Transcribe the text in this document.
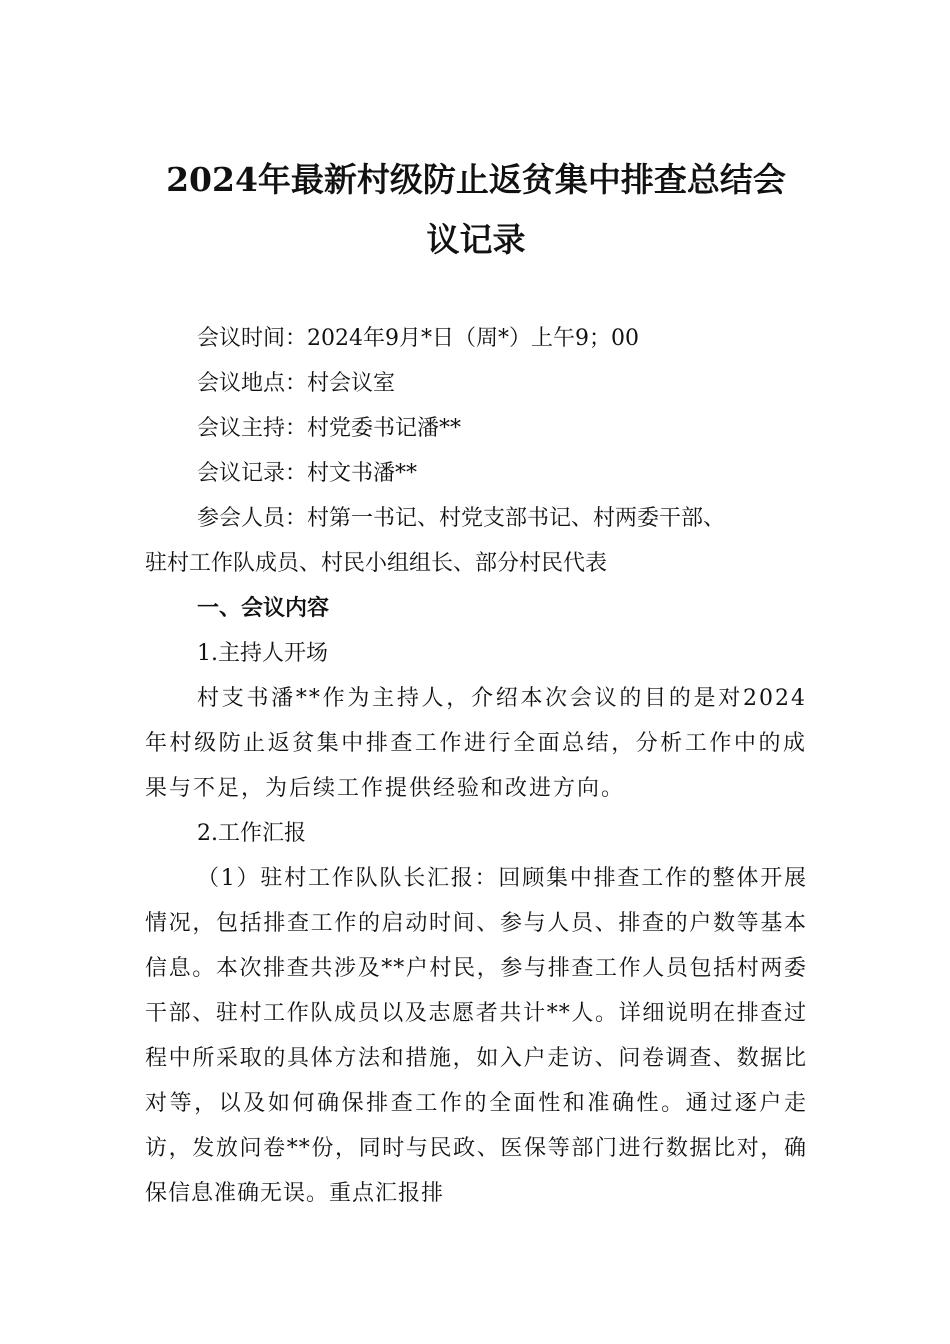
2024年最新村级防止返贫集中排查总结会
议记录

会议时间：2024年9月*日（周*）上午9；00

会议地点：村会议室

会议主持：村党委书记潘**

会议记录：村文书潘**

参会人员：村第一书记、村党支部书记、村两委干部、

驻村工作队成员、村民小组组长、部分村民代表

一、会议内容

1.主持人开场

村支书潘**作为主持人，介绍本次会议的目的是对2024年村级防止返贫集中排查工作进行全面总结，分析工作中的成果与不足，为后续工作提供经验和改进方向。

2.工作汇报

（1）驻村工作队队长汇报：回顾集中排查工作的整体开展情况，包括排查工作的启动时间、参与人员、排查的户数等基本信息。本次排查共涉及**户村民，参与排查工作人员包括村两委干部、驻村工作队成员以及志愿者共计**人。详细说明在排查过程中所采取的具体方法和措施，如入户走访、问卷调查、数据比对等，以及如何确保排查工作的全面性和准确性。通过逐户走访，发放问卷**份，同时与民政、医保等部门进行数据比对，确保信息准确无误。重点汇报排
